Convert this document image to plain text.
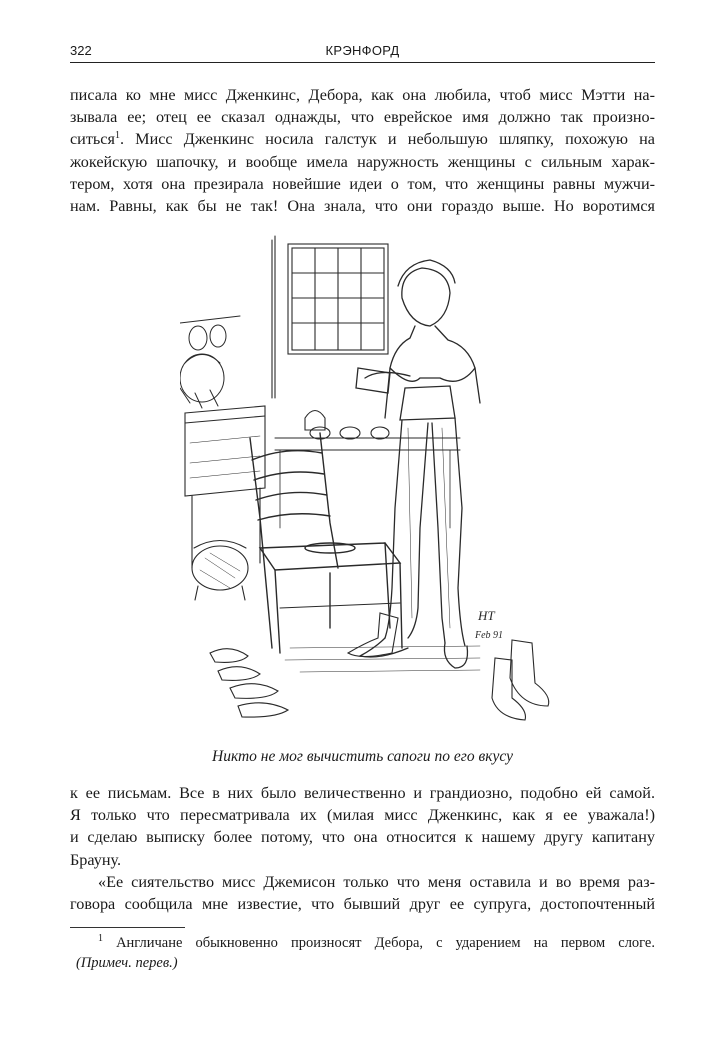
322	КРЭНФОРД
писала ко мне мисс Дженкинс, Дебора, как она любила, чтоб мисс Мэтти на-
зывала ее; отец ее сказал однажды, что еврейское имя должно так произно-
ситься$^1$. Мисс Дженкинс носила галстук и небольшую шляпку, похожую на
жокейскую шапочку, и вообще имела наружность женщины с сильным харак-
тером, хотя она презирала новейшие идеи о том, что женщины равны мужчи-
нам. Равны, как бы не так! Она знала, что они гораздо выше. Но воротимся
HT
Feb 91
Никто не мог вычистить сапоги по его вкусу
к ее письмам. Все в них было величественно и грандиозно, подобно ей самой.
Я только что пересматривала их (милая мисс Дженкинс, как я ее уважала!)
и сделаю выписку более потому, что она относится к нашему другу капитану
Брауну.
«Ее сиятельство мисс Джемисон только что меня оставила и во время раз-
говора сообщила мне известие, что бывший друг ее супруга, достопочтенный
$^1$ Англичане обыкновенно произносят Дебора, с ударением на первом слоге.
(Примеч. перев.)
